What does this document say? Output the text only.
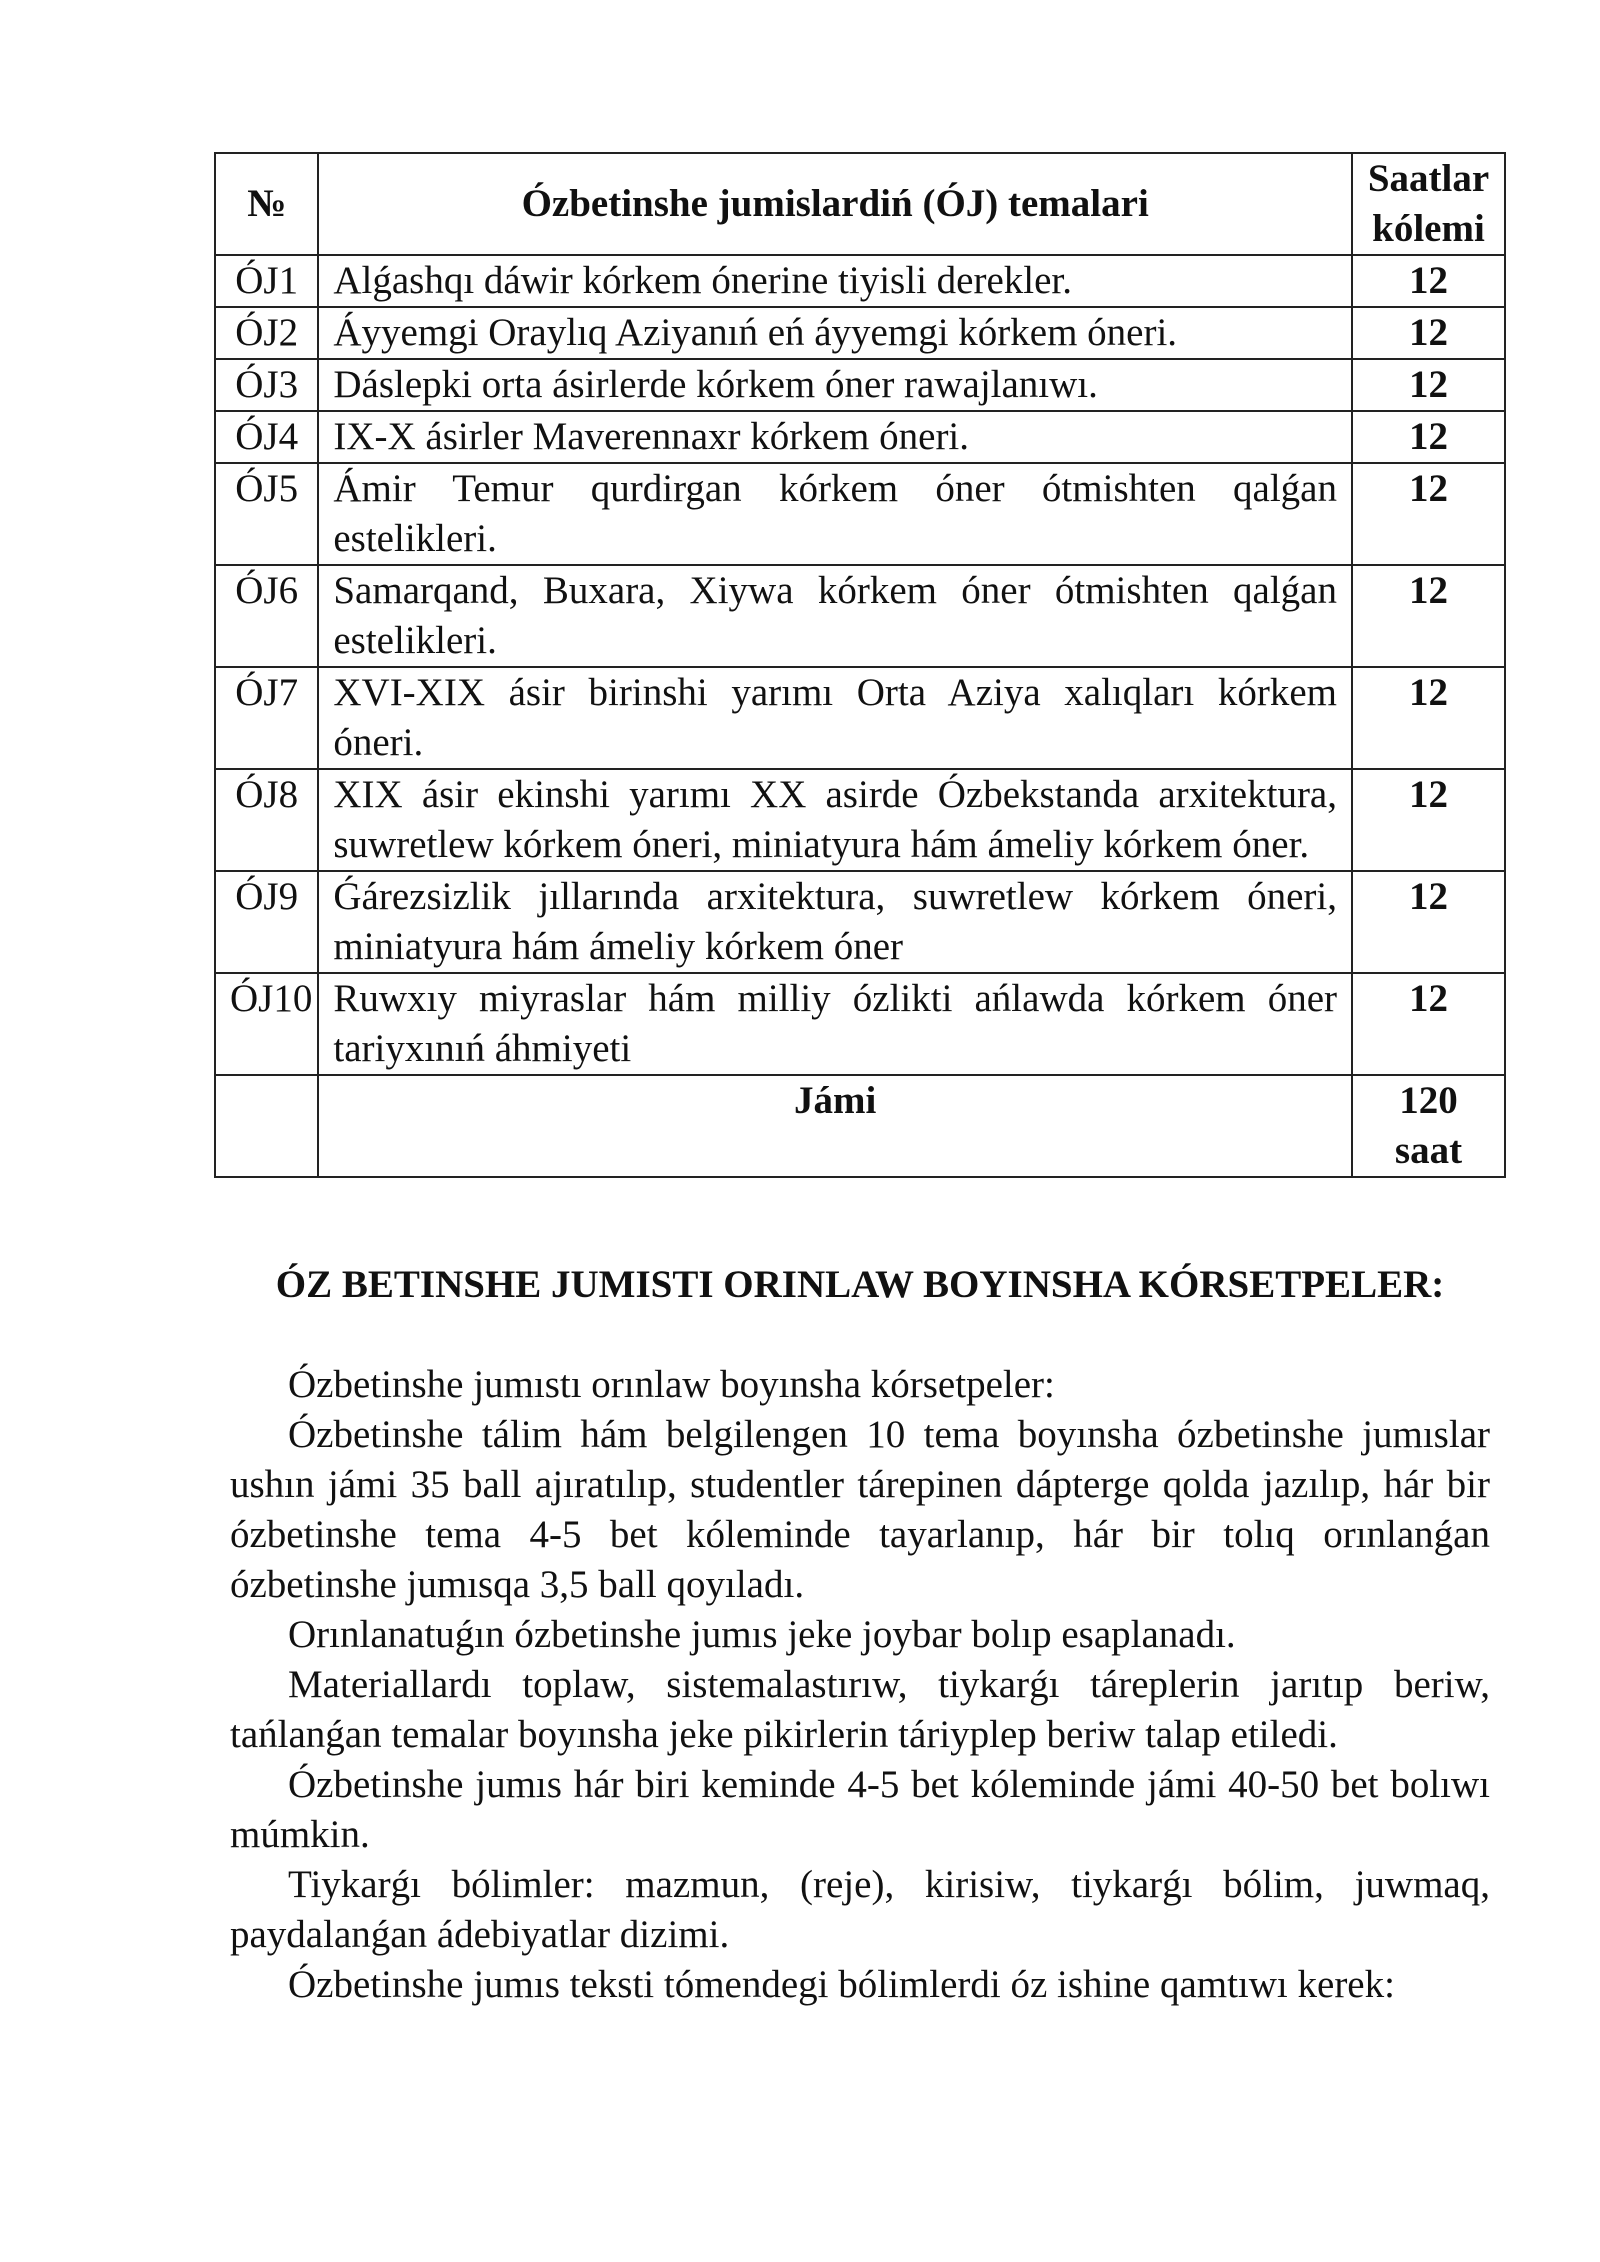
№	Ózbetinshe jumislardiń (ÓJ) temalari	Saatlar kólemi
ÓJ1	Alǵashqı dáwir kórkem ónerine tiyisli derekler.	12
ÓJ2	Áyyemgi Oraylıq Aziyanıń eń áyyemgi kórkem óneri.	12
ÓJ3	Dáslepki orta ásirlerde kórkem óner rawajlanıwı.	12
ÓJ4	IX-X ásirler Maverennaxr kórkem óneri.	12
ÓJ5	Ámir Temur qurdirgan kórkem óner ótmishten qalǵan estelikleri.	12
ÓJ6	Samarqand, Buxara, Xiywa kórkem óner ótmishten qalǵan estelikleri.	12
ÓJ7	XVI-XIX ásir birinshi yarımı Orta Aziya xalıqları kórkem óneri.	12
ÓJ8	XIX ásir ekinshi yarımı XX asirde Ózbekstanda arxitektura, suwretlew kórkem óneri, miniatyura hám ámeliy kórkem óner.	12
ÓJ9	Ǵárezsizlik jıllarında arxitektura, suwretlew kórkem óneri, miniatyura hám ámeliy kórkem óner	12
ÓJ10	Ruwxıy miyraslar hám milliy ózlikti ańlawda kórkem óner tariyxınıń áhmiyeti	12
	Jámi	120 saat
ÓZ BETINSHE JUMISTI ORINLAW BOYINSHA KÓRSETPELER:

Ózbetinshe jumıstı orınlaw boyınsha kórsetpeler:

Ózbetinshe tálim hám belgilengen 10 tema boyınsha ózbetinshe jumıslar ushın jámi 35 ball ajıratılıp, studentler tárepinen dápterge qolda jazılıp, hár bir ózbetinshe tema 4-5 bet kóleminde tayarlanıp, hár bir tolıq orınlanǵan ózbetinshe jumısqa 3,5 ball qoyıladı.

Orınlanatuǵın ózbetinshe jumıs jeke joybar bolıp esaplanadı.

Materiallardı toplaw, sistemalastırıw, tiykarǵı tárеplerin jarıtıp beriw, tańlanǵan temalar boyınsha jeke pikirlerin táriyplep beriw talap etiledi.

Ózbetinshe jumıs hár biri keminde 4-5 bet kóleminde jámi 40-50 bet bolıwı múmkin.

Tiykarǵı bólimler: mazmun, (reje), kirisiw, tiykarǵı bólim, juwmaq, paydalanǵan ádebiyatlar dizimi.

Ózbetinshe jumıs teksti tómendegi bólimlerdi óz ishine qamtıwı kerek:
